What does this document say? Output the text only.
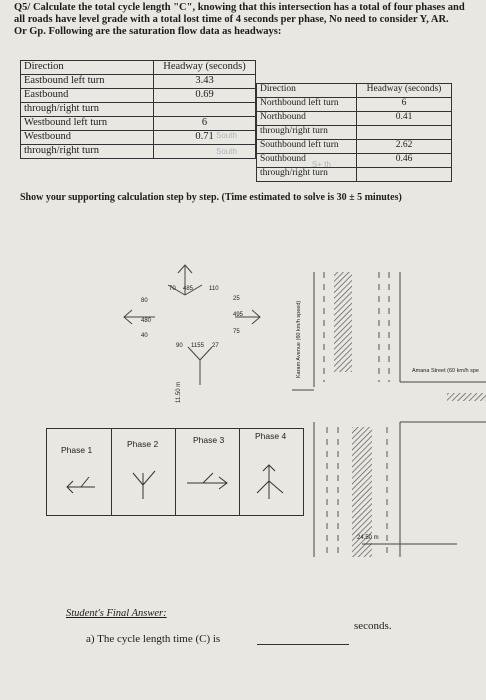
Q5/ Calculate the total cycle length "C", knowing that this intersection has a total of four phases and
all roads have level grade with a total lost time of 4 seconds per phase, No need to consider Y, AR.
Or Gp. Following are the saturation flow data as headways:
Direction	Headway (seconds)
Eastbound left turn	3.43
Eastbound	0.69
through/right turn	
Westbound left turn	6
Westbound	0.71
through/right turn	
Direction	Headway (seconds)
Northbound left turn	6
Northbound	0.41
through/right turn	
Southbound left turn	2.62
Southbound	0.46
through/right turn	
South
South
S+ th
Show your supporting calculation step by step. (Time estimated to solve is 30 ± 5 minutes)
70 485	110
80
480
40
25
495
75
90 1155 27
11.50 m
Karam Avenue (60 km/h speed)	Amana Street (60 km/h spe
24.50 m
Phase 1
Phase 2	Phase 3	Phase 4
Student's Final Answer:
a) The cycle length time (C) is
seconds.
